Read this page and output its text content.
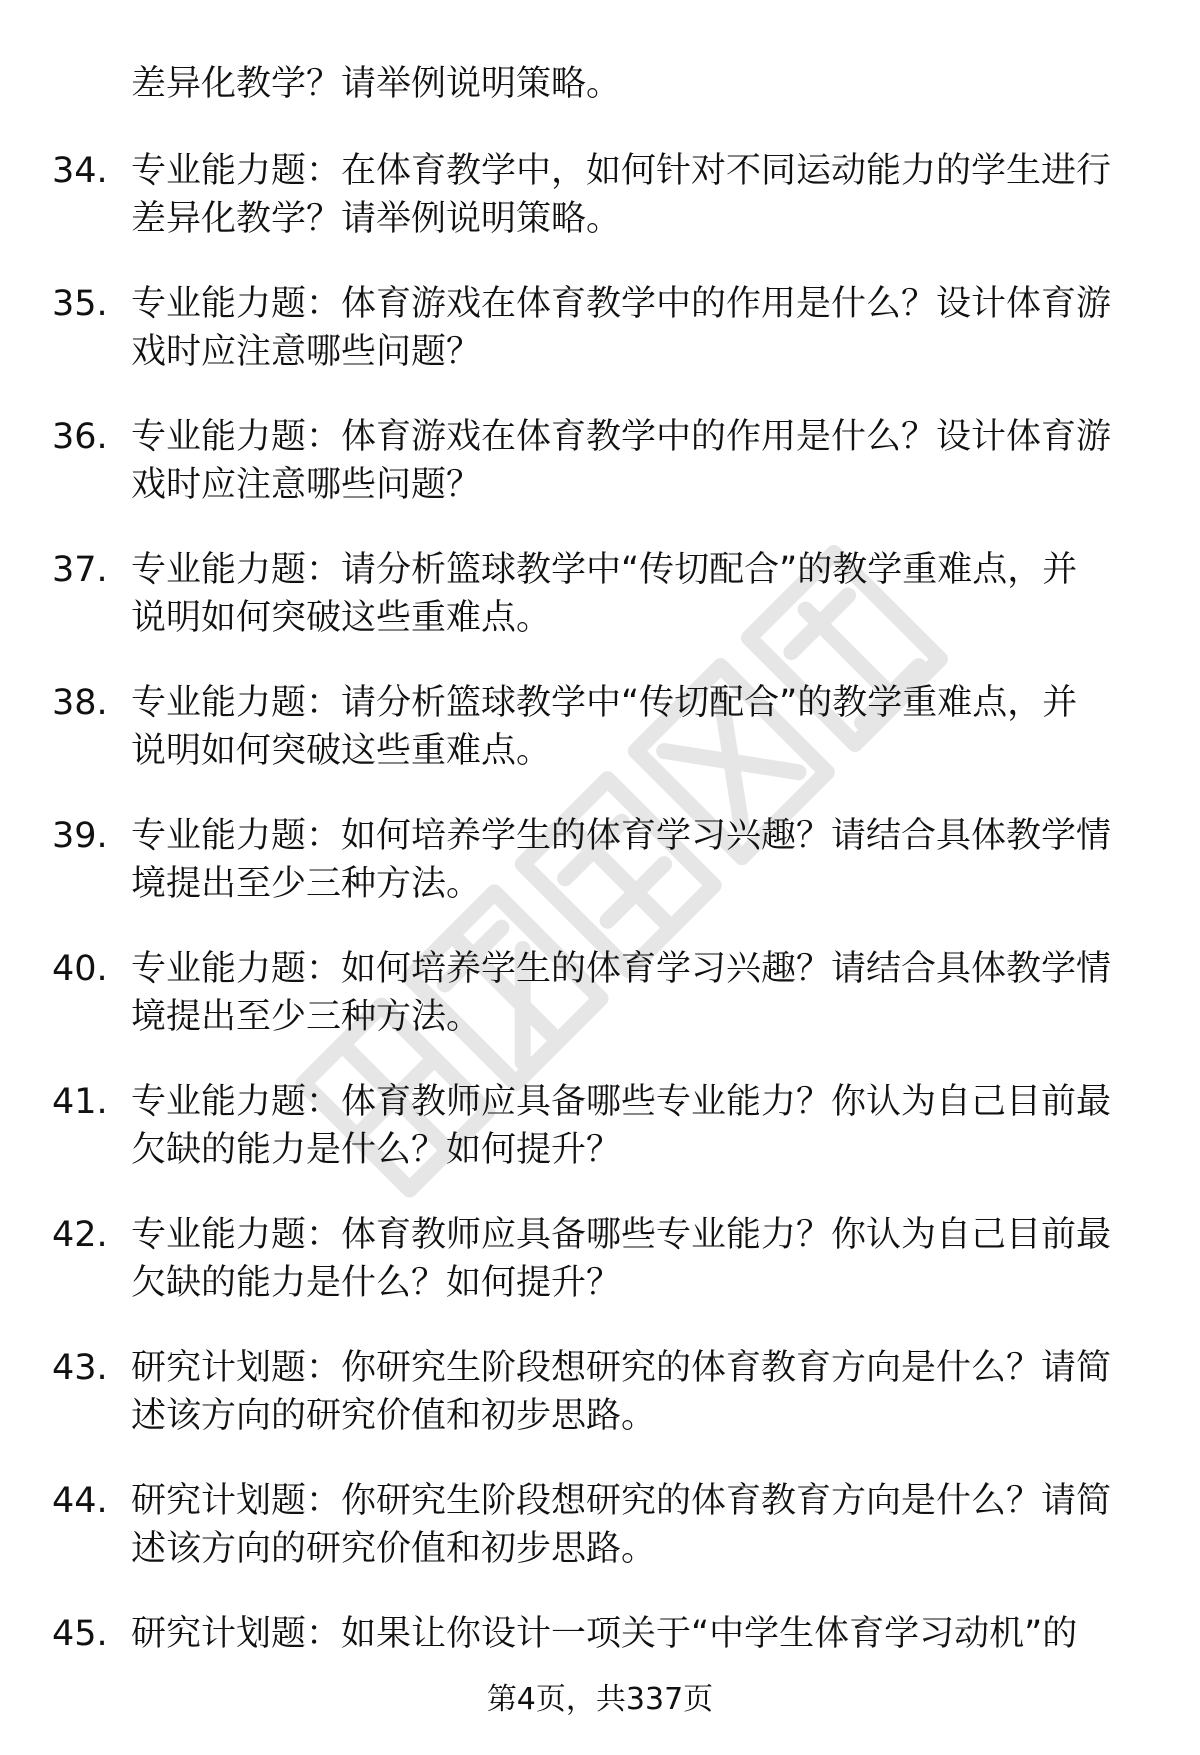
差异化教学？请举例说明策略。
34. 专业能力题：在体育教学中，如何针对不同运动能力的学生进行
差异化教学？请举例说明策略。
35. 专业能力题：体育游戏在体育教学中的作用是什么？设计体育游
戏时应注意哪些问题？
36. 专业能力题：体育游戏在体育教学中的作用是什么？设计体育游
戏时应注意哪些问题？
37. 专业能力题：请分析篮球教学中“传切配合”的教学重难点，并
说明如何突破这些重难点。
38. 专业能力题：请分析篮球教学中“传切配合”的教学重难点，并
说明如何突破这些重难点。
39. 专业能力题：如何培养学生的体育学习兴趣？请结合具体教学情
境提出至少三种方法。
40. 专业能力题：如何培养学生的体育学习兴趣？请结合具体教学情
境提出至少三种方法。
41. 专业能力题：体育教师应具备哪些专业能力？你认为自己目前最
欠缺的能力是什么？如何提升？
42. 专业能力题：体育教师应具备哪些专业能力？你认为自己目前最
欠缺的能力是什么？如何提升？
43. 研究计划题：你研究生阶段想研究的体育教育方向是什么？请简
述该方向的研究价值和初步思路。
44. 研究计划题：你研究生阶段想研究的体育教育方向是什么？请简
述该方向的研究价值和初步思路。
45. 研究计划题：如果让你设计一项关于“中学生体育学习动机”的
第4页，共337页
